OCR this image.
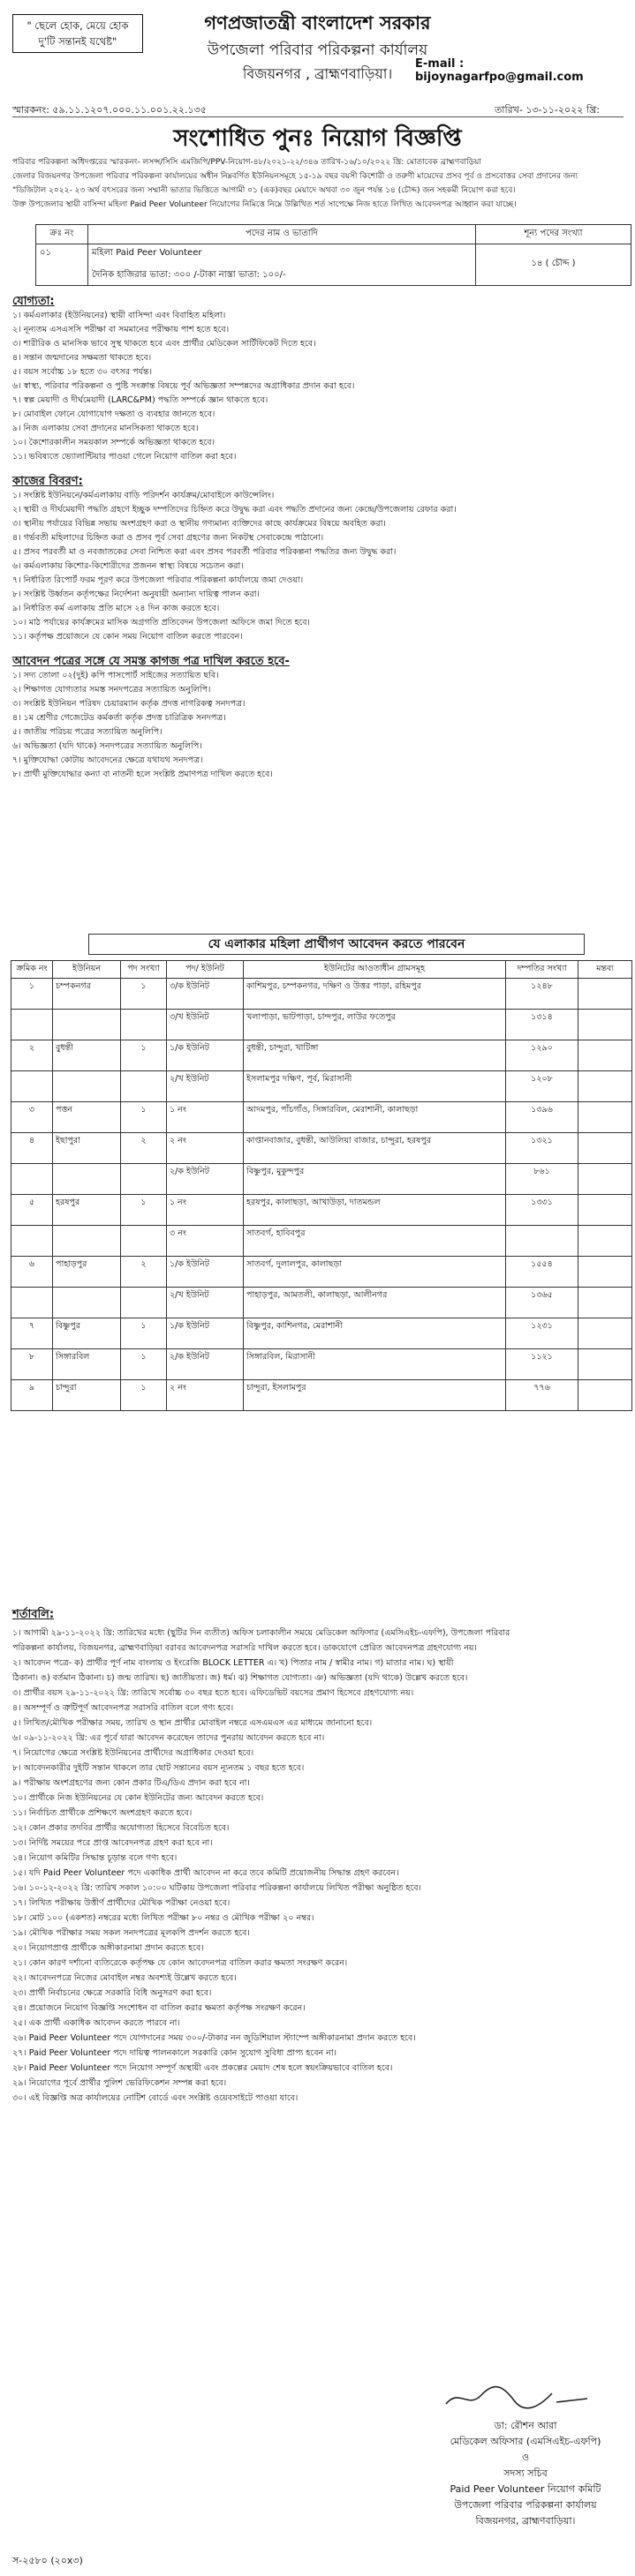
" ছেলে হোক, মেয়ে হোক
দু'টি সন্তানই যথেষ্ট"
গণপ্রজাতন্ত্রী বাংলাদেশ সরকার
উপজেলা পরিবার পরিকল্পনা কার্যালয়
বিজয়নগর , ব্রাহ্মণবাড়িয়া।
E-mail : bijoynagarfpo@gmail.com
স্মারকনং: ৫৯.১১.১২০৭.০০০.১১.০০১.২২.১৩৫	তারিখ- ১৩-১১-২০২২ খ্রি:
সংশোধিত পুনঃ নিয়োগ বিজ্ঞপ্তি
পরিবার পরিকল্পনা অধিদপ্তরের স্মারকনং- লসন্স/সিসি এমজিপি/PPV-নিয়োগ-৪৮/২০২১-২২/৩৪৬ তারিখ-১৬/১০/২০২২ খ্রি: মোতাবেক ব্রাহ্মণবাড়িয়া
জেলার বিজয়নগর উপজেলা পরিবার পরিকল্পনা কার্যালয়ের অধীন নিম্নবর্ণিত ইউনিয়নসমূহে ১৫-১৯ বছর বয়সী কিশোরী ও তরুণী মায়েদের প্রসব পূর্ব ও প্রসবোত্তর সেবা প্রদানের জন্য
"ডিজিটাল ২০২২- ২৩ অর্থ বৎসরের জন্য সম্মানী ভাতার ভিত্তিতে আগামী ০১ (এক)বছর মেয়াদে অথবা ৩০ জুন পর্যন্ত ১৪ (চৌদ্দ) জন সহকর্মী নিয়োগ করা হবে।
উক্ত উপজেলার স্থায়ী বাসিন্দা মহিলা Paid Peer Volunteer নিয়োগের নিমিত্তে নিম্নে উল্লিখিত শর্ত সাপেক্ষে নিজ হাতে লিখিত আবেদনপত্র আহ্বান করা যাচ্ছে।
ক্রঃ নং	পদের নাম ও ভাতাদি	শূন্য পদের সংখ্যা
০১	মহিলা Paid Peer Volunteer
দৈনিক হাজিরার ভাতা: ৩০০ /-টাকা নাস্তা ভাতা: ১০০/-	১৪ ( চৌদ্দ )
যোগ্যতা:
১। কর্মএলাকার (ইউনিয়নের) স্থায়ী বাসিন্দা এবং বিবাহিত মহিলা।
২। নূন্যতম এসএসসি পরীক্ষা বা সমমানের পরীক্ষায় পাশ হতে হবে।
৩। শারীরিক ও মানসিক ভাবে সুস্থ থাকতে হবে এবং প্রার্থীর মেডিকেল সার্টিফিকেট দিতে হবে।
৪। সন্তান জন্মদানের সক্ষমতা থাকতে হবে।
৫। বয়স সর্বোচ্চ ১৮ হতে ৩০ বৎসর পর্যন্ত।
৬। স্বাস্থ্য, পরিবার পরিকল্পনা ও পুষ্টি সংক্রান্ত বিষয়ে পূর্ব অভিজ্ঞতা সম্পন্নদের অগ্রাধিকার প্রদান করা হবে।
৭। স্বল্প মেয়াদী ও দীর্ঘমেয়াদী (LARC&PM) পদ্ধতি সম্পর্কে জ্ঞান থাকতে হবে।
৮। মোবাইল ফোনে যোগাযোগ দক্ষতা ও ব্যবহার জানতে হবে।
৯। নিজ এলাকায় সেবা প্রদানের মানসিকতা থাকতে হবে।
১০। কৈশোরকালীন সময়কাল সম্পর্কে অভিজ্ঞতা থাকতে হবে।
১১। ভবিষ্যতে ভ্যোলান্টিয়ার পাওয়া গেলে নিয়োগ বাতিল করা হবে।
কাজের বিবরণ:
১। সংশ্লিষ্ট ইউনিয়নে/কর্মএলাকায় বাড়ি পরিদর্শন কার্যক্রম/মোবাইলে কাউন্সেলিং।
২। স্থায়ী ও দীর্ঘমেয়াদী পদ্ধতি গ্রহণে ইচ্ছুক দম্পতিদের চিহ্নিত করে উদ্বুদ্ধ করা এবং পদ্ধতি প্রদানের জন্য কেন্দ্রে/উপজেলায় রেফার করা।
৩। স্থানীয় পর্যায়ের বিভিন্ন সভায় অংশগ্রহণ করা ও স্থানীয় গণ্যমান্য ব্যক্তিদের কাছে কার্যক্রমের বিষয়ে অবহিত করা।
৪। গর্ভবতী মহিলাদের চিহ্নিত করা ও প্রসব পূর্ব সেবা গ্রহণের জন্য নিকটস্থ সেবাকেন্দ্রে পাঠানো।
৫। প্রসব পরবর্তী মা ও নবজাতকের সেবা নিশ্চিত করা এবং প্রসব পরবর্তী পরিবার পরিকল্পনা পদ্ধতির জন্য উদ্বুদ্ধ করা।
৬। কর্মএলাকায় কিশোর-কিশোরীদের প্রজনন স্বাস্থ্য বিষয়ে সচেতন করা।
৭। নির্ধারিত রিপোর্ট ফরম পূরণ করে উপজেলা পরিবার পরিকল্পনা কার্যালয়ে জমা দেওয়া।
৮। সংশ্লিষ্ট উর্ধ্বতন কর্তৃপক্ষের নির্দেশনা অনুযায়ী অন্যান্য দায়িত্ব পালন করা।
৯। নির্ধারিত কর্ম এলাকায় প্রতি মাসে ২৪ দিন কাজ করতে হবে।
১০। মাঠ পর্যায়ের কার্যক্রমের মাসিক অগ্রগতি প্রতিবেদন উপজেলা অফিসে জমা দিতে হবে।
১১। কর্তৃপক্ষ প্রয়োজনে যে কোন সময় নিয়োগ বাতিল করতে পারবেন।
আবেদন পত্রের সঙ্গে যে সমস্ত কাগজ পত্র দাখিল করতে হবে-
১। সদ্য তোলা ০২(দুই) কপি পাসপোর্ট সাইজের সত্যায়িত ছবি।
২। শিক্ষাগত যোগ্যতার সমস্ত সনদপত্রের সত্যায়িত অনুলিপি।
৩। সংশ্লিষ্ট ইউনিয়ন পরিষদ চেয়ারম্যান কর্তৃক প্রদত্ত নাগরিকত্ব সনদপত্র।
৪। ১ম শ্রেণীর গেজেটেড কর্মকর্তা কর্তৃক প্রদত্ত চারিত্রিক সনদপত্র।
৫। জাতীয় পরিচয় পত্রের সত্যায়িত অনুলিপি।
৬। অভিজ্ঞতা (যদি থাকে) সনদপত্রের সত্যায়িত অনুলিপি।
৭। মুক্তিযোদ্ধা কোটায় আবেদনের ক্ষেত্রে যথাযথ সনদপত্র।
৮। প্রার্থী মুক্তিযোদ্ধার কন্যা বা নাতনী হলে সংশ্লিষ্ট প্রমাণপত্র দাখিল করতে হবে।
যে এলাকার মহিলা প্রার্থীগণ আবেদন করতে পারবেন
ক্রমিক নং	ইউনিয়ন	পদ সংখ্যা	পদ/ ইউনিট	ইউনিটের আওতাধীন গ্রামসমূহ	দম্পতির সংখ্যা	মন্তব্য
১	চম্পকনগর	১	৩/ক ইউনিট	কাশিমপুর, চম্পকনগর, দক্ষিণ ও উত্তর পাড়া, রহিমপুর	১২৪৮	
			৩/খ ইউনিট	খলাপাড়া, ভাটপাড়া, চান্দপুর, লাউর ফতেপুর	১৩১৪	
২	বুধন্তী	১	১/ক ইউনিট	বুধন্তী, চান্দুরা, খাটিঙ্গা	১২৯০	
			২/খ ইউনিট	ইসলামপুর দক্ষিণ, পূর্ব, মিরাসানী	১২০৮	
৩	পত্তন	১	১ নং	আদমপুর, পাঁচগাঁও, সিঙ্গারবিল, মেরাশানী, কালাছড়া	১৩৯৬	
৪	ইছাপুরা	২	২ নং	কাপ্তানবাজার, বুধন্তী, আউলিয়া বাজার, চান্দুরা, হরষপুর	১৩২১	
			২/ক ইউনিট	বিষ্ণুপুর, মুকুন্দপুর	৮৬১	
৫	হরষপুর	১	১ নং	হরষপুর, কালাছড়া, আখাউড়া, দাতমন্ডল	১৩৩১	
			৩ নং	সাতবর্গ, হাবিবপুর		
৬	পাহাড়পুর	২	১/ক ইউনিট	সাতবর্গ, দুলালপুর, কালাছড়া	১৫৫৪	
			২/খ ইউনিট	পাহাড়পুর, আমতলী, কালাছড়া, আলীনগর	১৩৬৫	
৭	বিষ্ণুপুর	১	১/ক ইউনিট	বিষ্ণুপুর, কাশিনগর, মেরাশানী	১২৩১	
৮	সিঙ্গারবিল	১	২/ক ইউনিট	সিঙ্গারবিল, মিরাসানী	১১২১	
৯	চান্দুরা	১	২ নং	চান্দুরা, ইসলামপুর	৭৭৬	
শর্তাবলি:
১। আগামী ২৯-১১-২০২২ খ্রি: তারিখের মধ্যে (ছুটির দিন ব্যতীত) অফিস চলাকালীন সময়ে মেডিকেল অফিসার (এমসিএইচ-এফপি), উপজেলা পরিবার
পরিকল্পনা কার্যালয়, বিজয়নগর, ব্রাহ্মণবাড়িয়া বরাবর আবেদনপত্র সরাসরি দাখিল করতে হবে। ডাকযোগে প্রেরিত আবেদনপত্র গ্রহণযোগ্য নয়।
২। আবেদন পত্রে- ক) প্রার্থীর পূর্ণ নাম বাংলায় ও ইংরেজি BLOCK LETTER এ। খ) পিতার নাম / স্বামীর নাম। গ) মাতার নাম। ঘ) স্থায়ী
ঠিকানা। ঙ) বর্তমান ঠিকানা। চ) জন্ম তারিখ। ছ) জাতীয়তা। জ) ধর্ম। ঝ) শিক্ষাগত যোগ্যতা। ঞ) অভিজ্ঞতা (যদি থাকে) উল্লেখ করতে হবে।
৩। প্রার্থীর বয়স ২৯-১১-২০২২ খ্রি: তারিখে সর্বোচ্চ ৩০ বছর হতে হবে। এফিডেভিট বয়সের প্রমাণ হিসেবে গ্রহণযোগ্য নয়।
৪। অসম্পূর্ণ ও ত্রুটিপূর্ণ আবেদনপত্র সরাসরি বাতিল বলে গণ্য হবে।
৫। লিখিত/মৌখিক পরীক্ষার সময়, তারিখ ও স্থান প্রার্থীর মোবাইল নম্বরে এসএমএস এর মাধ্যমে জানানো হবে।
৬। ০৯-১১-২০২২ খ্রি: এর পূর্বে যারা আবেদন করেছেন তাদের পুনরায় আবেদন করতে হবে না।
৭। নিয়োগের ক্ষেত্রে সংশ্লিষ্ট ইউনিয়নের প্রার্থীদের অগ্রাধিকার দেওয়া হবে।
৮। আবেদনকারীর দুইটি সন্তান থাকলে তার ছোট সন্তানের বয়স ন্যূনতম ১ বছর হতে হবে।
৯। পরীক্ষায় অংশগ্রহণের জন্য কোন প্রকার টিএ/ডিএ প্রদান করা হবে না।
১০। প্রার্থীকে নিজ ইউনিয়নের যে কোন ইউনিটের জন্য আবেদন করতে হবে।
১১। নির্বাচিত প্রার্থীকে প্রশিক্ষণে অংশগ্রহণ করতে হবে।
১২। কোন প্রকার তদবির প্রার্থীর অযোগ্যতা হিসেবে বিবেচিত হবে।
১৩। নির্দিষ্ট সময়ের পরে প্রাপ্ত আবেদনপত্র গ্রহণ করা হবে না।
১৪। নিয়োগ কমিটির সিদ্ধান্ত চূড়ান্ত বলে গণ্য হবে।
১৫। যদি Paid Peer Volunteer পদে একাধিক প্রার্থী আবেদন না করে তবে কমিটি প্রয়োজনীয় সিদ্ধান্ত গ্রহণ করবেন।
১৬। ১০-১২-২০২২ খ্রি: তারিখ সকাল ১০:০০ ঘটিকায় উপজেলা পরিবার পরিকল্পনা কার্যালয়ে লিখিত পরীক্ষা অনুষ্ঠিত হবে।
১৭। লিখিত পরীক্ষায় উত্তীর্ণ প্রার্থীদের মৌখিক পরীক্ষা নেওয়া হবে।
১৮। মোট ১০০ (একশত) নম্বরের মধ্যে লিখিত পরীক্ষা ৮০ নম্বর ও মৌখিক পরীক্ষা ২০ নম্বর।
১৯। মৌখিক পরীক্ষার সময় সকল সনদপত্রের মূলকপি প্রদর্শন করতে হবে।
২০। নিয়োগপ্রাপ্ত প্রার্থীকে অঙ্গীকারনামা প্রদান করতে হবে।
২১। কোন কারণ দর্শানো ব্যতিরেকে কর্তৃপক্ষ যে কোন আবেদনপত্র বাতিল করার ক্ষমতা সংরক্ষণ করেন।
২২। আবেদনপত্রে নিজের মোবাইল নম্বর অবশ্যই উল্লেখ করতে হবে।
২৩। প্রার্থী নির্বাচনের ক্ষেত্রে সরকারি বিধি অনুসরণ করা হবে।
২৪। প্রয়োজনে নিয়োগ বিজ্ঞপ্তি সংশোধন বা বাতিল করার ক্ষমতা কর্তৃপক্ষ সংরক্ষণ করেন।
২৫। এক প্রার্থী একাধিক আবেদন করতে পারবে না।
২৬। Paid Peer Volunteer পদে যোগদানের সময় ৩০০/-টাকার নন জুডিশিয়াল স্ট্যাম্পে অঙ্গীকারনামা প্রদান করতে হবে।
২৭। Paid Peer Volunteer পদে দায়িত্ব পালনকালে সরকারি কোন সুযোগ সুবিধা প্রাপ্য হবেন না।
২৮। Paid Peer Volunteer পদে নিয়োগ সম্পূর্ণ অস্থায়ী এবং প্রকল্পের মেয়াদ শেষ হলে স্বয়ংক্রিয়ভাবে বাতিল হবে।
২৯। নিয়োগের পূর্বে প্রার্থীর পুলিশ ভেরিফিকেশন সম্পন্ন করা হবে।
৩০। এই বিজ্ঞপ্তি অত্র কার্যালয়ের নোটিশ বোর্ডে এবং সংশ্লিষ্ট ওয়েবসাইটে পাওয়া যাবে।
ডা: রৌশন আরা
মেডিকেল অফিসার (এমসিএইচ-এফপি)
ও
সদস্য সচিব
Paid Peer Volunteer নিয়োগ কমিটি
উপজেলা পরিবার পরিকল্পনা কার্যালয়
বিজয়নগর, ব্রাহ্মণবাড়িয়া।
স-২৫৮০ (২০x৩)
